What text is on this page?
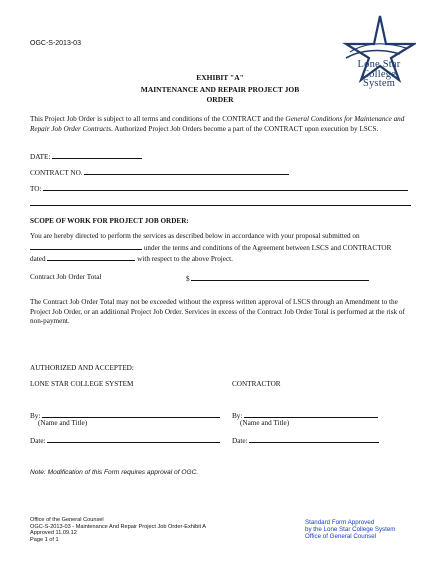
OGC-S-2013-03
Lone Star
College
System
EXHIBIT "A"
MAINTENANCE AND REPAIR PROJECT JOB
ORDER
This Project Job Order is subject to all terms and conditions of the CONTRACT and the General Conditions for Maintenance and Repair Job Order Contracts. Authorized Project Job Orders become a part of the CONTRACT upon execution by LSCS.
DATE:
CONTRACT NO.
TO:
SCOPE OF WORK FOR PROJECT JOB ORDER:
You are hereby directed to perform the services as described below in accordance with your proposal submitted on
under the terms and conditions of the Agreement between LSCS and CONTRACTOR
dated	with respect to the above Project.
Contract Job Order Total	$
The Contract Job Order Total may not be exceeded without the express written approval of LSCS through an Amendment to the Project Job Order, or an additional Project Job Order. Services in excess of the Contract Job Order Total is performed at the risk of non-payment.
AUTHORIZED AND ACCEPTED:
LONE STAR COLLEGE SYSTEM	CONTRACTOR
By:
(Name and Title)
By:
(Name and Title)
Date:	Date:
Note: Modification of this Form requires approval of OGC.
Office of the General Counsel
OGC-S-2013-03 - Maintenance And Repair Project Job Order-Exhibit A
Approved 11.09.12
Page 1 of 1
Standard Form Approved
by the Lone Star College System
Office of General Counsel
